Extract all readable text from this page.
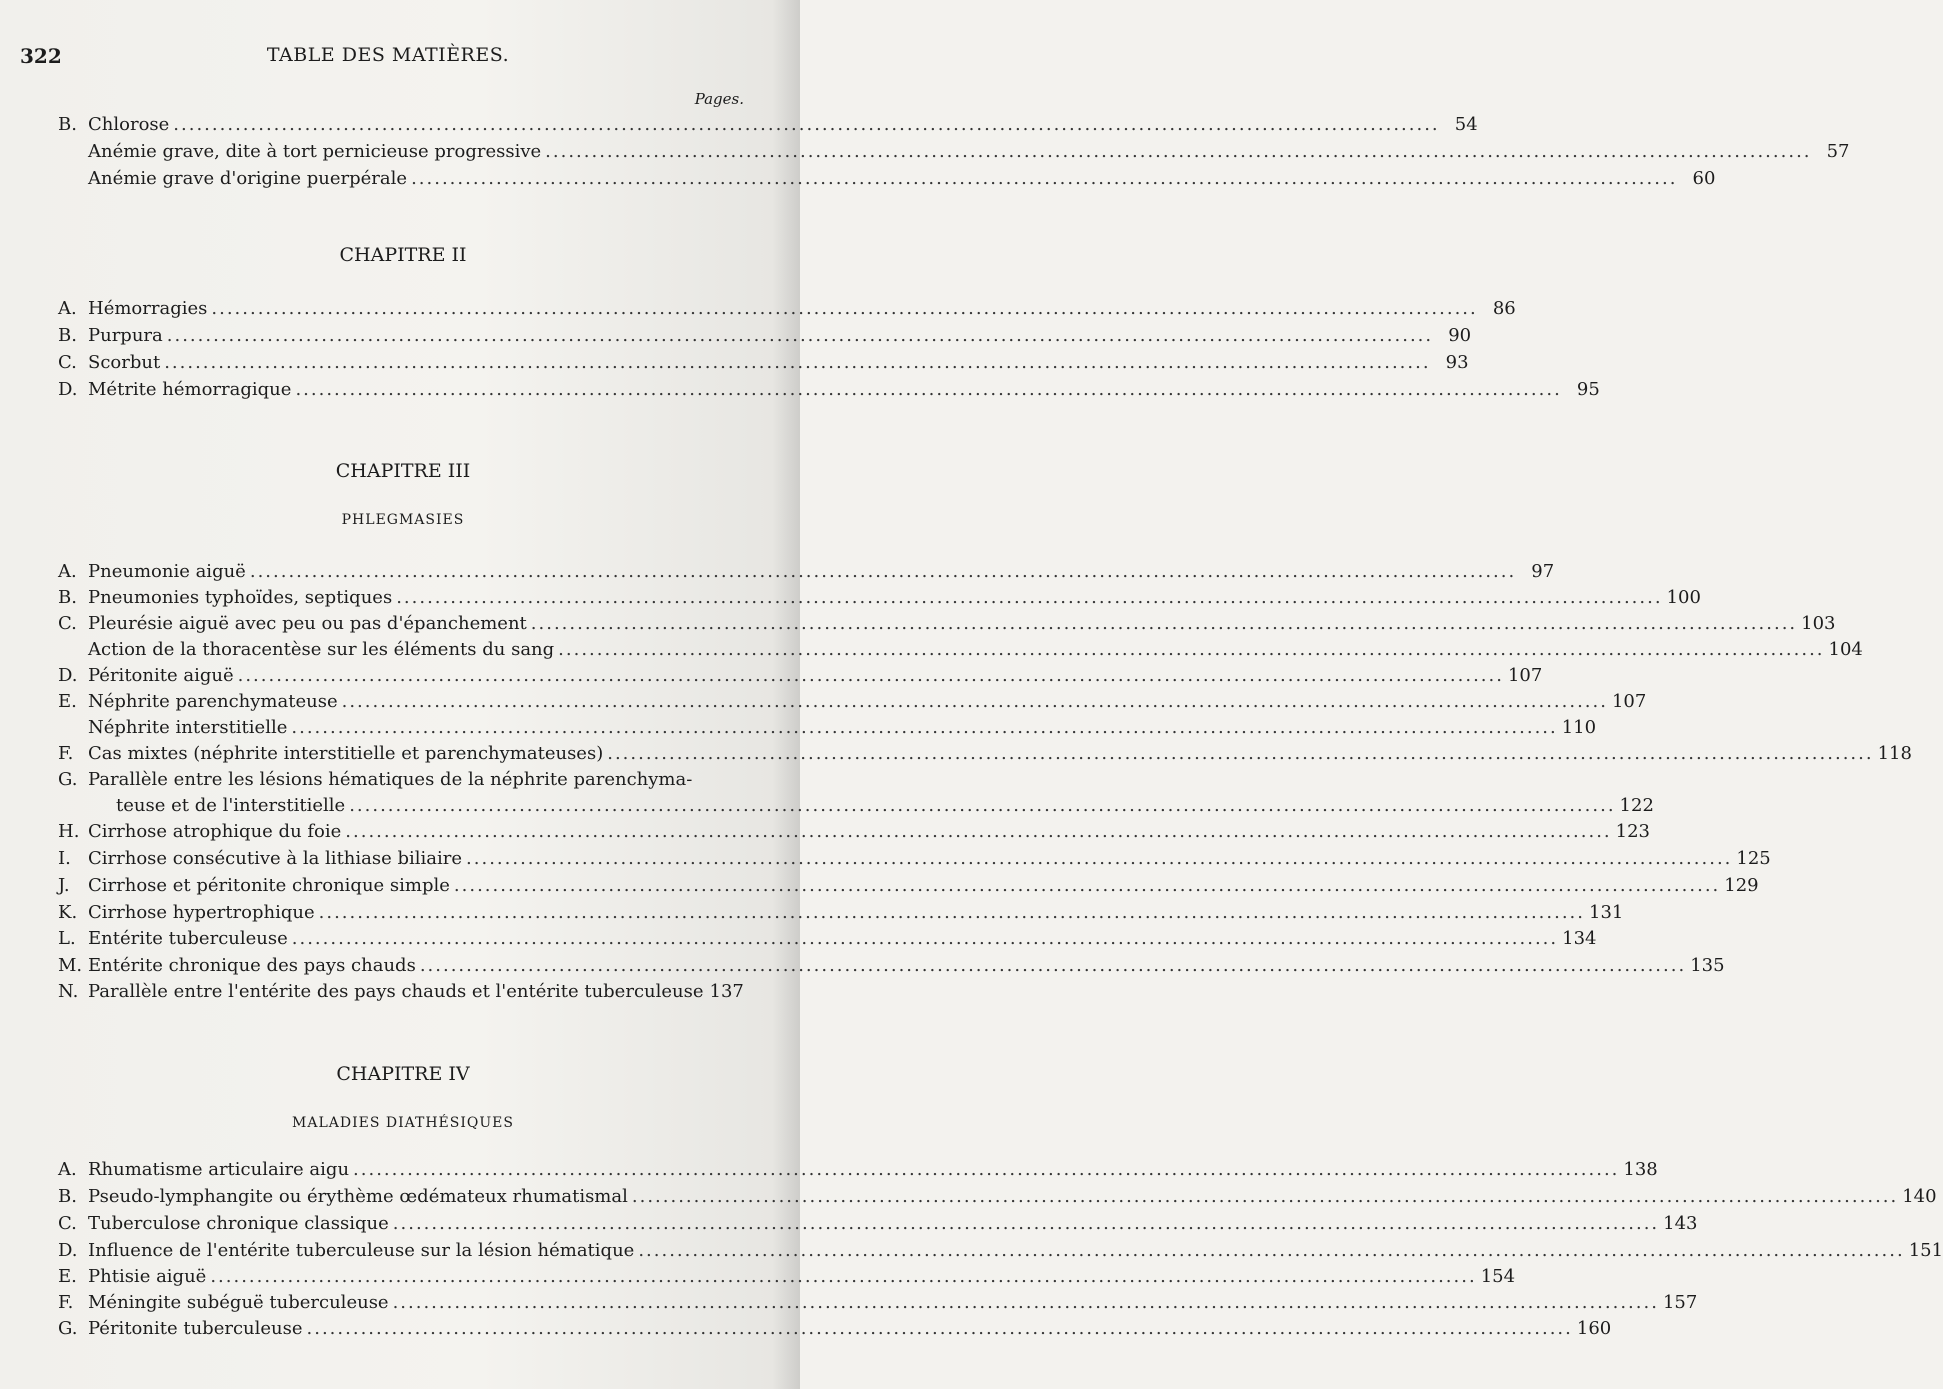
322	TABLE DES MATIÈRES.
Pages.
B. Chlorose .....	54
Anémie grave, dite à tort pernicieuse progressive .....	57
Anémie grave d'origine puerpérale .....	60
CHAPITRE II
A. Hémorragies .....	86
B. Purpura .....	90
C. Scorbut .....	93
D. Métrite hémorragique .....	95
CHAPITRE III
PHLEGMASIES
A. Pneumonie aiguë .....	97
B. Pneumonies typhoïdes, septiques .....	100
C. Pleurésie aiguë avec peu ou pas d'épanchement .....	103
Action de la thoracentèse sur les éléments du sang .....	104
D. Péritonite aiguë .....	107
E. Néphrite parenchymateuse .....	107
Néphrite interstitielle .....	110
F. Cas mixtes (néphrite interstitielle et parenchymateuses) .....	118
G. Parallèle entre les lésions hématiques de la néphrite parenchyma-
teuse et de l'interstitielle .....	122
H. Cirrhose atrophique du foie .....	123
I. Cirrhose consécutive à la lithiase biliaire .....	125
J.	Cirrhose et péritonite chronique simple .....	129
K. Cirrhose hypertrophique .....	131
L. Entérite tuberculeuse .....	134
M. Entérite chronique des pays chauds .....	135
N. Parallèle entre l'entérite des pays chauds et l'entérite tuberculeuse 137
CHAPITRE IV
MALADIES DIATHÉSIQUES
A. Rhumatisme articulaire aigu .....	138
B. Pseudo-lymphangite ou érythème œdémateux rhumatismal .....	140
C. Tuberculose chronique classique .....	143
D. Influence de l'entérite tuberculeuse sur la lésion hématique .....	151
E. Phtisie aiguë .....	154
F. Méningite subéguë tuberculeuse .....	157
G. Péritonite tuberculeuse .....	160
